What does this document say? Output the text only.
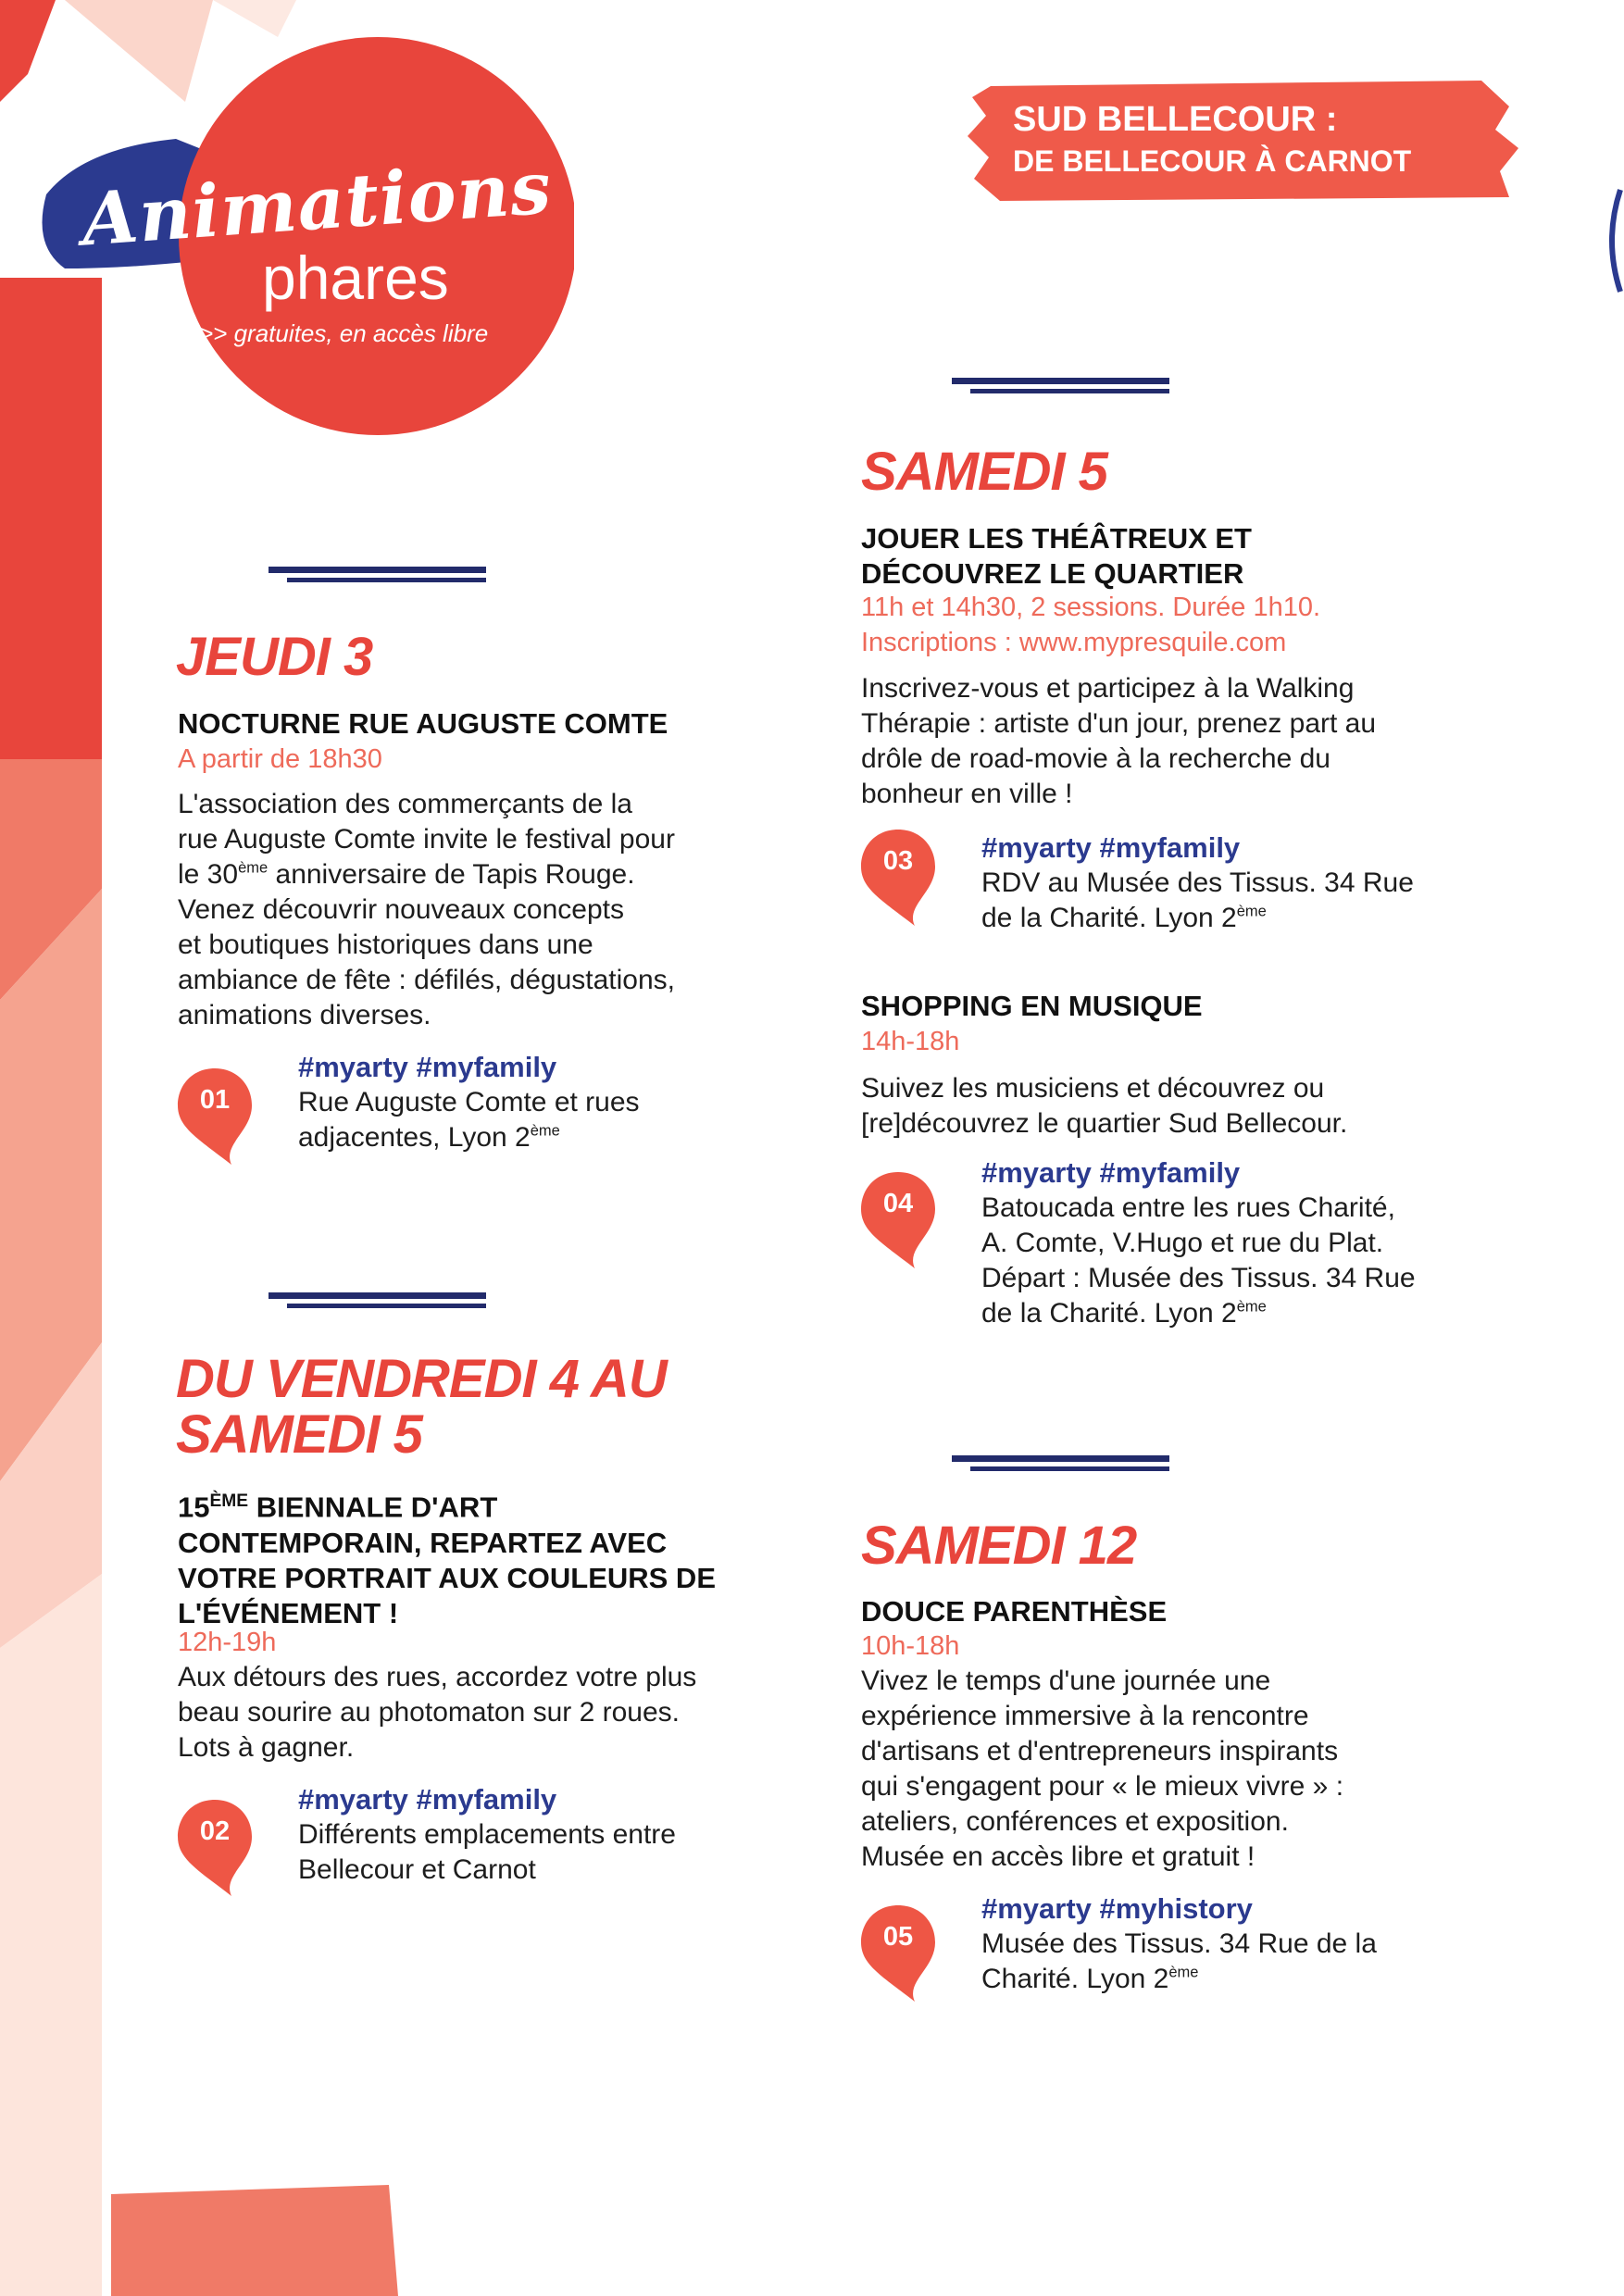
Animations
phares
>> gratuites, en accès libre
SUD BELLECOUR :
DE BELLECOUR À CARNOT
JEUDI 3
NOCTURNE RUE AUGUSTE COMTE
A partir de 18h30
L'association des commerçants de la
rue Auguste Comte invite le festival pour
le 30ème anniversaire de Tapis Rouge.
Venez découvrir nouveaux concepts
et boutiques historiques dans une
ambiance de fête : défilés, dégustations,
animations diverses.
01
#myarty #myfamily
Rue Auguste Comte et rues
adjacentes, Lyon 2ème
DU VENDREDI 4 AU
SAMEDI 5
15ÈME BIENNALE D'ART
CONTEMPORAIN, REPARTEZ AVEC
VOTRE PORTRAIT AUX COULEURS DE
L'ÉVÉNEMENT !
12h-19h
Aux détours des rues, accordez votre plus
beau sourire au photomaton sur 2 roues.
Lots à gagner.
02
#myarty #myfamily
Différents emplacements entre
Bellecour et Carnot
SAMEDI 5
JOUER LES THÉÂTREUX ET
DÉCOUVREZ LE QUARTIER
11h et 14h30, 2 sessions. Durée 1h10.
Inscriptions : www.mypresquile.com
Inscrivez-vous et participez à la Walking
Thérapie : artiste d'un jour, prenez part au
drôle de road-movie à la recherche du
bonheur en ville !
03	#myarty #myfamily
RDV au Musée des Tissus. 34 Rue
de la Charité. Lyon 2ème
SHOPPING EN MUSIQUE
14h-18h
Suivez les musiciens et découvrez ou
[re]découvrez le quartier Sud Bellecour.
04
#myarty #myfamily
Batoucada entre les rues Charité,
A. Comte, V.Hugo et rue du Plat.
Départ : Musée des Tissus. 34 Rue
de la Charité. Lyon 2ème
SAMEDI 12
DOUCE PARENTHÈSE
10h-18h
Vivez le temps d'une journée une
expérience immersive à la rencontre
d'artisans et d'entrepreneurs inspirants
qui s'engagent pour « le mieux vivre » :
ateliers, conférences et exposition.
Musée en accès libre et gratuit !
05
#myarty #myhistory
Musée des Tissus. 34 Rue de la
Charité. Lyon 2ème
